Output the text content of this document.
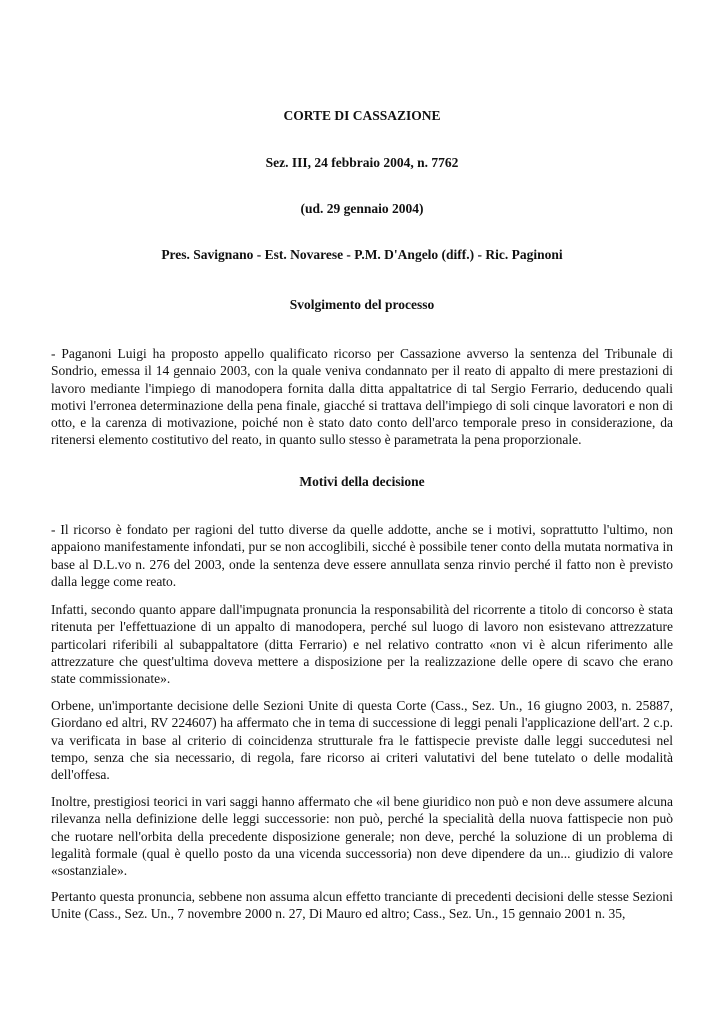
CORTE DI CASSAZIONE

Sez. III, 24 febbraio 2004, n. 7762

(ud. 29 gennaio 2004)

Pres. Savignano - Est. Novarese - P.M. D'Angelo (diff.) - Ric. Paginoni

Svolgimento del processo

- Paganoni Luigi ha proposto appello qualificato ricorso per Cassazione avverso la sentenza del Tribunale di Sondrio, emessa il 14 gennaio 2003, con la quale veniva condannato per il reato di appalto di mere prestazioni di lavoro mediante l'impiego di manodopera fornita dalla ditta appaltatrice di tal Sergio Ferrario, deducendo quali motivi l'erronea determinazione della pena finale, giacché si trattava dell'impiego di soli cinque lavoratori e non di otto, e la carenza di motivazione, poiché non è stato dato conto dell'arco temporale preso in considerazione, da ritenersi elemento costitutivo del reato, in quanto sullo stesso è parametrata la pena proporzionale.

Motivi della decisione

- Il ricorso è fondato per ragioni del tutto diverse da quelle addotte, anche se i motivi, soprattutto l'ultimo, non appaiono manifestamente infondati, pur se non accoglibili, sicché è possibile tener conto della mutata normativa in base al D.L.vo n. 276 del 2003, onde la sentenza deve essere annullata senza rinvio perché il fatto non è previsto dalla legge come reato.

Infatti, secondo quanto appare dall'impugnata pronuncia la responsabilità del ricorrente a titolo di concorso è stata ritenuta per l'effettuazione di un appalto di manodopera, perché sul luogo di lavoro non esistevano attrezzature particolari riferibili al subappaltatore (ditta Ferrario) e nel relativo contratto «non vi è alcun riferimento alle attrezzature che quest'ultima doveva mettere a disposizione per la realizzazione delle opere di scavo che erano state commissionate».

Orbene, un'importante decisione delle Sezioni Unite di questa Corte (Cass., Sez. Un., 16 giugno 2003, n. 25887, Giordano ed altri, RV 224607) ha affermato che in tema di successione di leggi penali l'applicazione dell'art. 2 c.p. va verificata in base al criterio di coincidenza strutturale fra le fattispecie previste dalle leggi succedutesi nel tempo, senza che sia necessario, di regola, fare ricorso ai criteri valutativi del bene tutelato o delle modalità dell'offesa.

Inoltre, prestigiosi teorici in vari saggi hanno affermato che «il bene giuridico non può e non deve assumere alcuna rilevanza nella definizione delle leggi successorie: non può, perché la specialità della nuova fattispecie non può che ruotare nell'orbita della precedente disposizione generale; non deve, perché la soluzione di un problema di legalità formale (qual è quello posto da una vicenda successoria) non deve dipendere da un... giudizio di valore «sostanziale».

Pertanto questa pronuncia, sebbene non assuma alcun effetto tranciante di precedenti decisioni delle stesse Sezioni Unite (Cass., Sez. Un., 7 novembre 2000 n. 27, Di Mauro ed altro; Cass., Sez. Un., 15 gennaio 2001 n. 35,
